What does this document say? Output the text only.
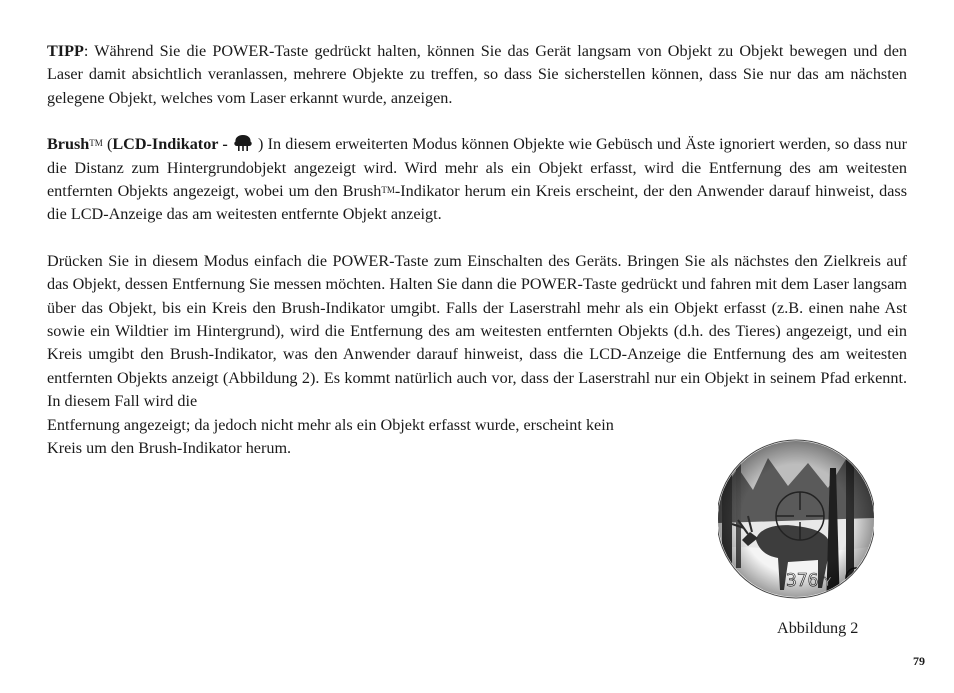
TIPP: Während Sie die POWER-Taste gedrückt halten, können Sie das Gerät langsam von Objekt zu Objekt bewegen und den Laser damit absichtlich veranlassen, mehrere Objekte zu treffen, so dass Sie sicherstellen können, dass Sie nur das am nächsten gelegene Objekt, welches vom Laser erkannt wurde, anzeigen.

Brush™ (LCD-Indikator -  ) In diesem erweiterten Modus können Objekte wie Gebüsch und Äste ignoriert werden, so dass nur die Distanz zum Hintergrundobjekt angezeigt wird. Wird mehr als ein Objekt erfasst, wird die Entfernung des am weitesten entfernten Objekts angezeigt, wobei um den Brush™-Indikator herum ein Kreis erscheint, der den Anwender darauf hinweist, dass die LCD-Anzeige das am weitesten entfernte Objekt anzeigt.

Drücken Sie in diesem Modus einfach die POWER-Taste zum Einschalten des Geräts. Bringen Sie als nächstes den Zielkreis auf das Objekt, dessen Entfernung Sie messen möchten. Halten Sie dann die POWER-Taste gedrückt und fahren mit dem Laser langsam über das Objekt, bis ein Kreis den Brush-Indikator umgibt. Falls der Laserstrahl mehr als ein Objekt erfasst (z.B. einen nahe Ast sowie ein Wildtier im Hintergrund), wird die Entfernung des am weitesten entfernten Objekts (d.h. des Tieres) angezeigt, und ein Kreis umgibt den Brush-Indikator, was den Anwender darauf hinweist, dass die LCD-Anzeige die Entfernung des am weitesten entfernten Objekts anzeigt (Abbildung 2). Es kommt natürlich auch vor, dass der Laserstrahl nur ein Objekt in seinem Pfad erkennt. In diesem Fall wird die

Entfernung angezeigt; da jedoch nicht mehr als ein Objekt erfasst wurde, erscheint kein
Kreis um den Brush-Indikator herum.
Abbildung 2
79
